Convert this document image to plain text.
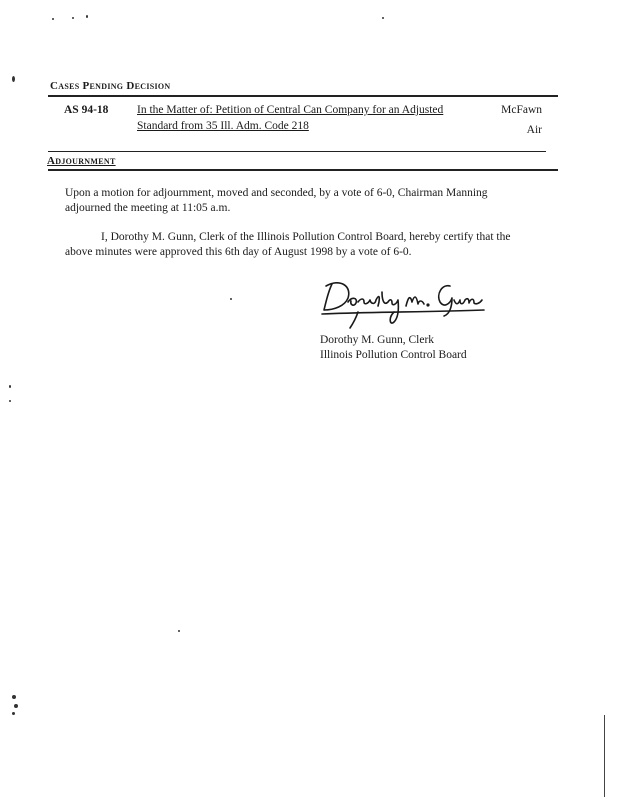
Cases Pending Decision
AS 94-18 In the Matter of: Petition of Central Can Company for an Adjusted
Standard from 35 Ill. Adm. Code 218
McFawn
Air
Adjournment
Upon a motion for adjournment, moved and seconded, by a vote of 6-0, Chairman Manning
adjourned the meeting at 11:05 a.m.
I, Dorothy M. Gunn, Clerk of the Illinois Pollution Control Board, hereby certify that the
above minutes were approved this 6th day of August 1998 by a vote of 6-0.
Dorothy M. Gunn, Clerk
Illinois Pollution Control Board
